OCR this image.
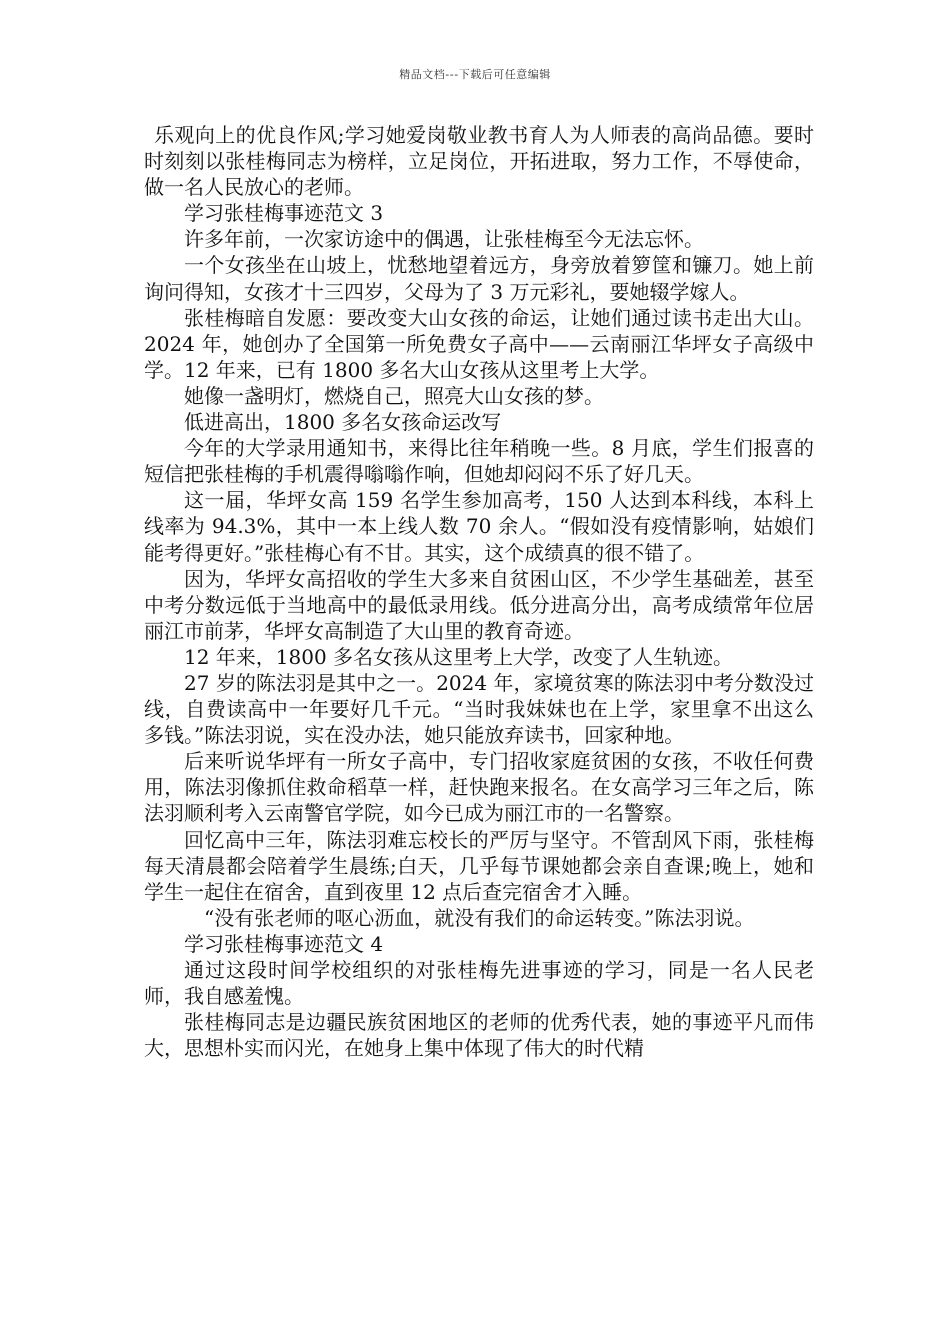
精品文档---下载后可任意编辑

乐观向上的优良作风;学习她爱岗敬业教书育人为人师表的高尚品德。要时时刻刻以张桂梅同志为榜样，立足岗位，开拓进取，努力工作，不辱使命，做一名人民放心的老师。

学习张桂梅事迹范文 3

许多年前，一次家访途中的偶遇，让张桂梅至今无法忘怀。

一个女孩坐在山坡上，忧愁地望着远方，身旁放着箩筐和镰刀。她上前询问得知，女孩才十三四岁，父母为了 3 万元彩礼，要她辍学嫁人。

张桂梅暗自发愿：要改变大山女孩的命运，让她们通过读书走出大山。2024 年，她创办了全国第一所免费女子高中——云南丽江华坪女子高级中学。12 年来，已有 1800 多名大山女孩从这里考上大学。

她像一盏明灯，燃烧自己，照亮大山女孩的梦。

低进高出，1800 多名女孩命运改写

今年的大学录用通知书，来得比往年稍晚一些。8 月底，学生们报喜的短信把张桂梅的手机震得嗡嗡作响，但她却闷闷不乐了好几天。

这一届，华坪女高 159 名学生参加高考，150 人达到本科线，本科上线率为 94.3%，其中一本上线人数 70 余人。“假如没有疫情影响，姑娘们能考得更好。”张桂梅心有不甘。其实，这个成绩真的很不错了。

因为，华坪女高招收的学生大多来自贫困山区，不少学生基础差，甚至中考分数远低于当地高中的最低录用线。低分进高分出，高考成绩常年位居丽江市前茅，华坪女高制造了大山里的教育奇迹。

12 年来，1800 多名女孩从这里考上大学，改变了人生轨迹。

27 岁的陈法羽是其中之一。2024 年，家境贫寒的陈法羽中考分数没过线，自费读高中一年要好几千元。“当时我妹妹也在上学，家里拿不出这么多钱。”陈法羽说，实在没办法，她只能放弃读书，回家种地。

后来听说华坪有一所女子高中，专门招收家庭贫困的女孩，不收任何费用，陈法羽像抓住救命稻草一样，赶快跑来报名。在女高学习三年之后，陈法羽顺利考入云南警官学院，如今已成为丽江市的一名警察。

回忆高中三年，陈法羽难忘校长的严厉与坚守。不管刮风下雨，张桂梅每天清晨都会陪着学生晨练;白天，几乎每节课她都会亲自查课;晚上，她和学生一起住在宿舍，直到夜里 12 点后查完宿舍才入睡。

“没有张老师的呕心沥血，就没有我们的命运转变。”陈法羽说。

学习张桂梅事迹范文 4

通过这段时间学校组织的对张桂梅先进事迹的学习，同是一名人民老师，我自感羞愧。

张桂梅同志是边疆民族贫困地区的老师的优秀代表，她的事迹平凡而伟大，思想朴实而闪光，在她身上集中体现了伟大的时代精
